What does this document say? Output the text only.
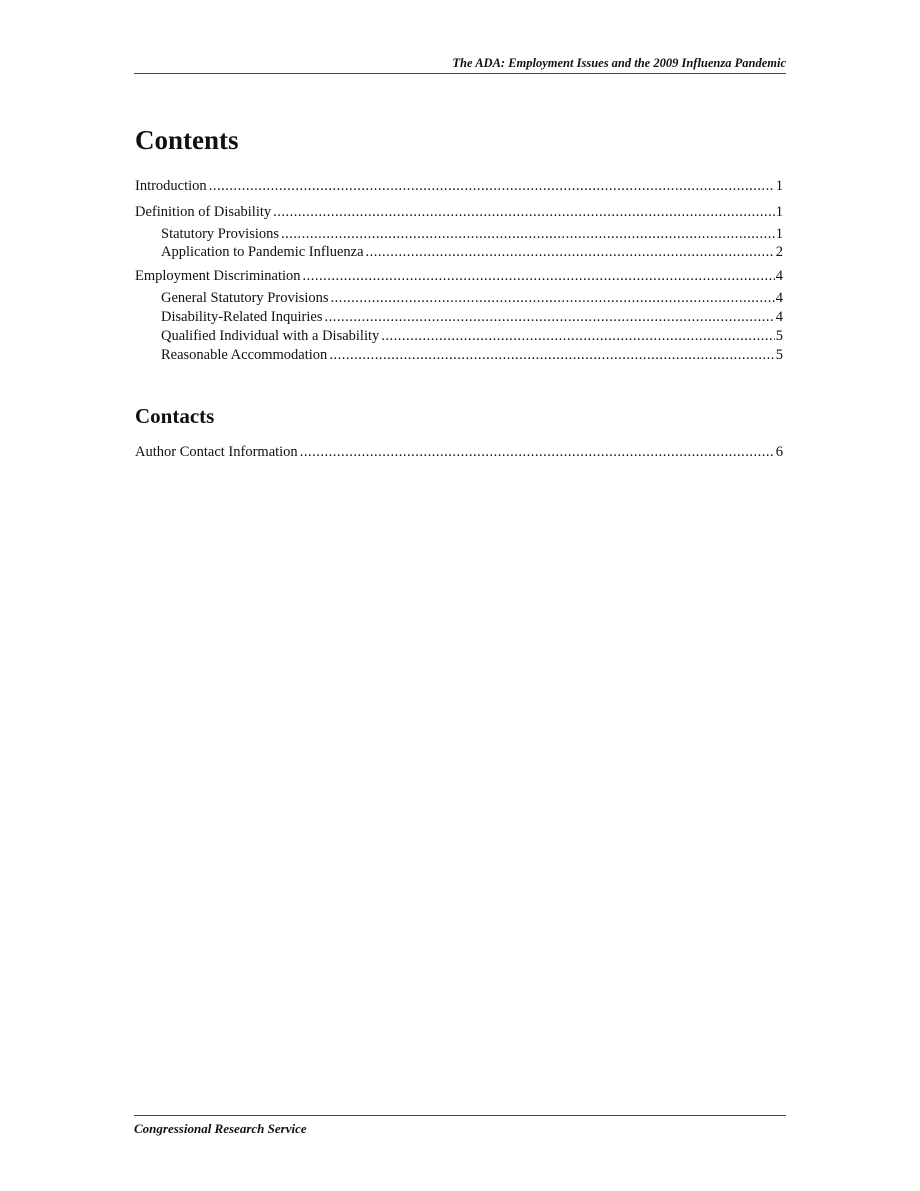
The ADA: Employment Issues and the 2009 Influenza Pandemic
Contents
Introduction .....	1
Definition of Disability .....	1
Statutory Provisions .....	1
Application to Pandemic Influenza .....	2
Employment Discrimination .....	4
General Statutory Provisions .....	4
Disability-Related Inquiries .....	4
Qualified Individual with a Disability .....	5
Reasonable Accommodation .....	5
Contacts
Author Contact Information .....	6
Congressional Research Service
